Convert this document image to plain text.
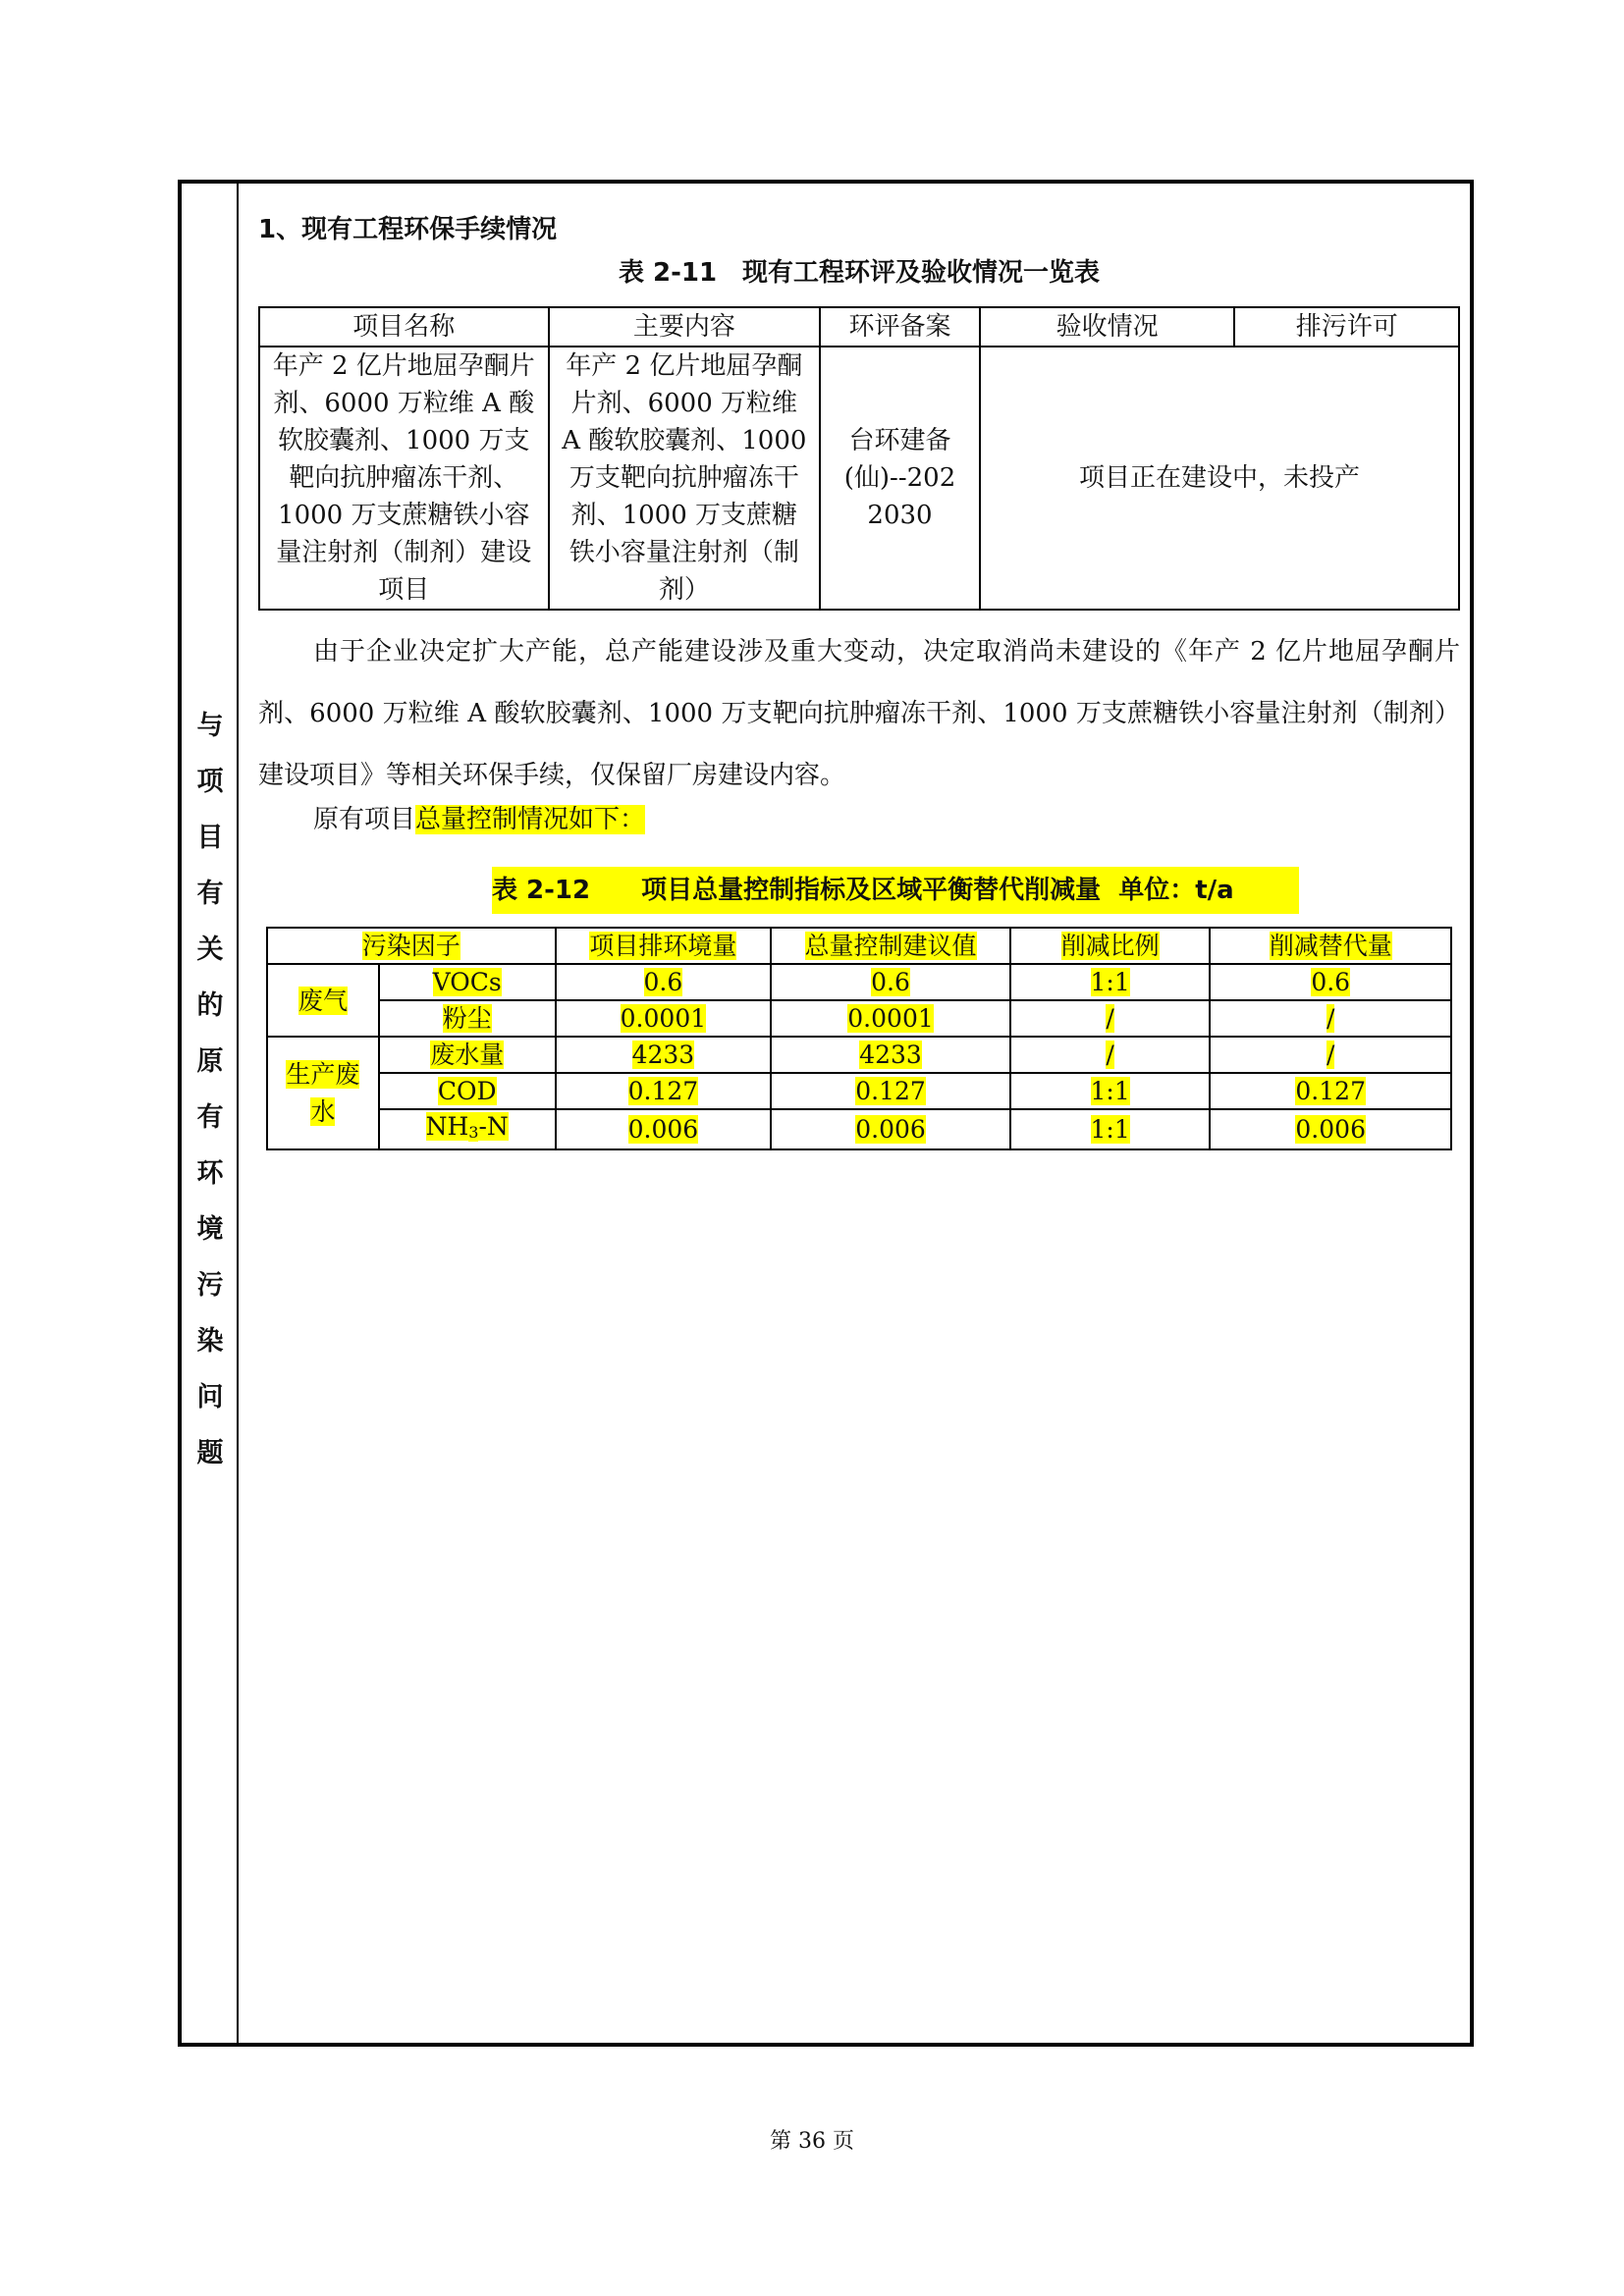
与
项
目
有
关
的
原
有
环
境
污
染
问
题
1、现有工程环保手续情况
表 2-11　现有工程环评及验收情况一览表
项目名称	主要内容	环评备案	验收情况	排污许可
年产 2 亿片地屈孕酮片剂、6000 万粒维 A 酸软胶囊剂、1000 万支靶向抗肿瘤冻干剂、1000 万支蔗糖铁小容量注射剂（制剂）建设项目	年产 2 亿片地屈孕酮片剂、6000 万粒维 A 酸软胶囊剂、1000 万支靶向抗肿瘤冻干剂、1000 万支蔗糖铁小容量注射剂（制剂）	台环建备(仙)--2022030	项目正在建设中，未投产	
由于企业决定扩大产能，总产能建设涉及重大变动，决定取消尚未建设的《年产 2 亿片地屈孕酮片剂、6000 万粒维 A 酸软胶囊剂、1000 万支靶向抗肿瘤冻干剂、1000 万支蔗糖铁小容量注射剂（制剂）建设项目》等相关环保手续，仅保留厂房建设内容。
原有项目总量控制情况如下：
表 2-12　　项目总量控制指标及区域平衡替代削减量  单位：t/a
污染因子		项目排环境量	总量控制建议值	削减比例	削减替代量
废气	VOCs	0.6	0.6	1:1	0.6
	粉尘	0.0001	0.0001	/	/
生产废水	废水量	4233	4233	/	/
	COD	0.127	0.127	1:1	0.127
	NH3-N	0.006	0.006	1:1	0.006
第 36 页
